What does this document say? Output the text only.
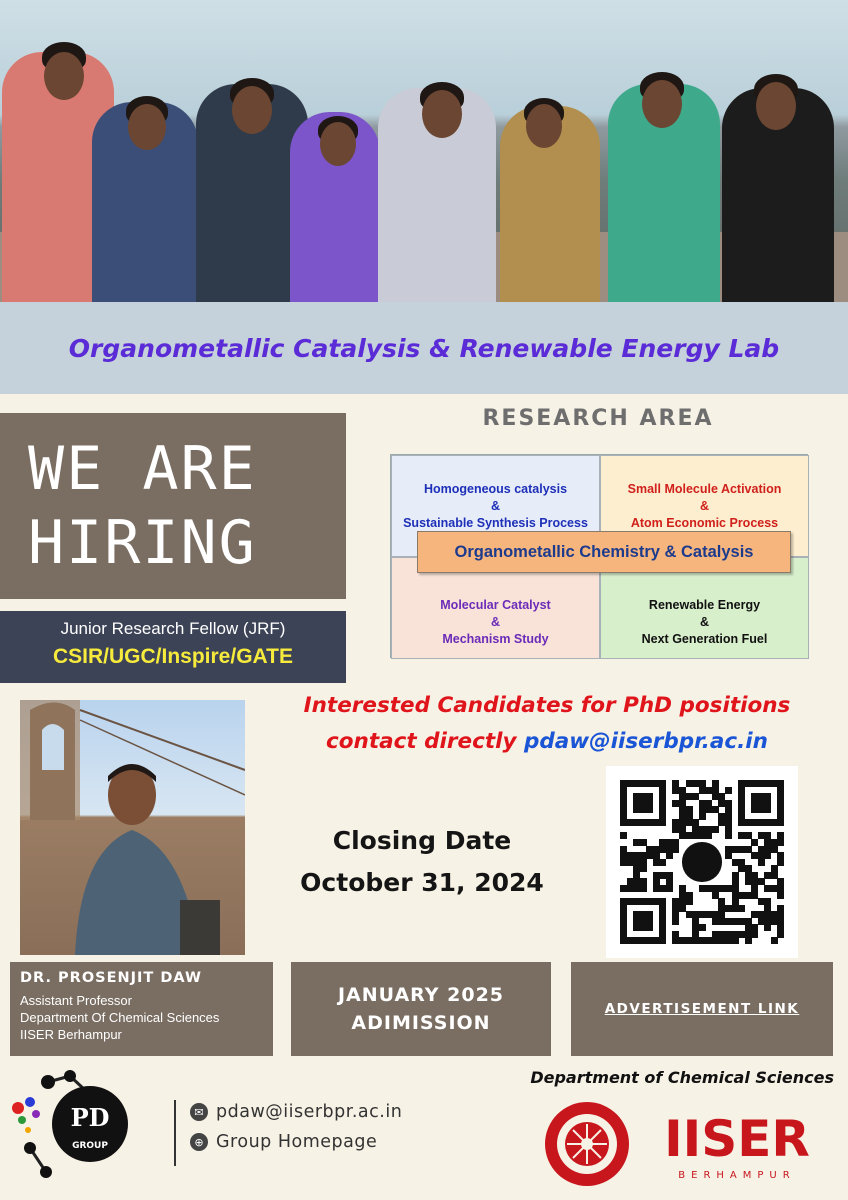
Organometallic Catalysis & Renewable Energy Lab
WE ARE
HIRING
Junior Research Fellow (JRF)
CSIR/UGC/Inspire/GATE
RESEARCH AREA
Homogeneous catalysis
&
Sustainable Synthesis Process
Small Molecule Activation
&
Atom Economic Process
Molecular Catalyst
&
Mechanism Study
Renewable Energy
&
Next Generation Fuel
Organometallic Chemistry & Catalysis
Interested Candidates for PhD positions
contact directly pdaw@iiserbpr.ac.in
Closing Date
October 31, 2024
DR. PROSENJIT DAW
Assistant Professor
Department Of Chemical Sciences
IISER Berhampur
JANUARY 2025
ADIMISSION
ADVERTISEMENT LINK
Department of Chemical Sciences
PD
GROUP
✉ pdaw@iiserbpr.ac.in
⊕ Group Homepage	IISER
BERHAMPUR
